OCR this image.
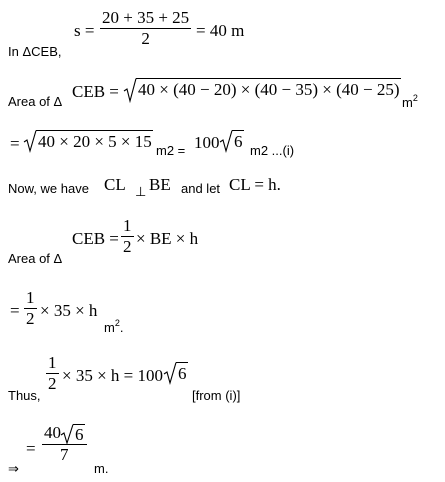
In ΔCEB,
s =
20 + 35 + 25
2	= 40 m
Area of Δ
CEB = 40 × (40 − 20) × (40 − 35) × (40 − 25)
$m^2$
= 40 × 20 × 5 × 15 m2 = 100 6 m2 ...(i)
Now, we have CL ⊥ BE and let CL = h.
Area of Δ
CEB =
1
2 × BE × h
=
1
2 × 35 × h
$m^2$.
Thus,
1
2 × 35 × h = 100 6
[from (i)]
⇒
=
40 6
7
m.
